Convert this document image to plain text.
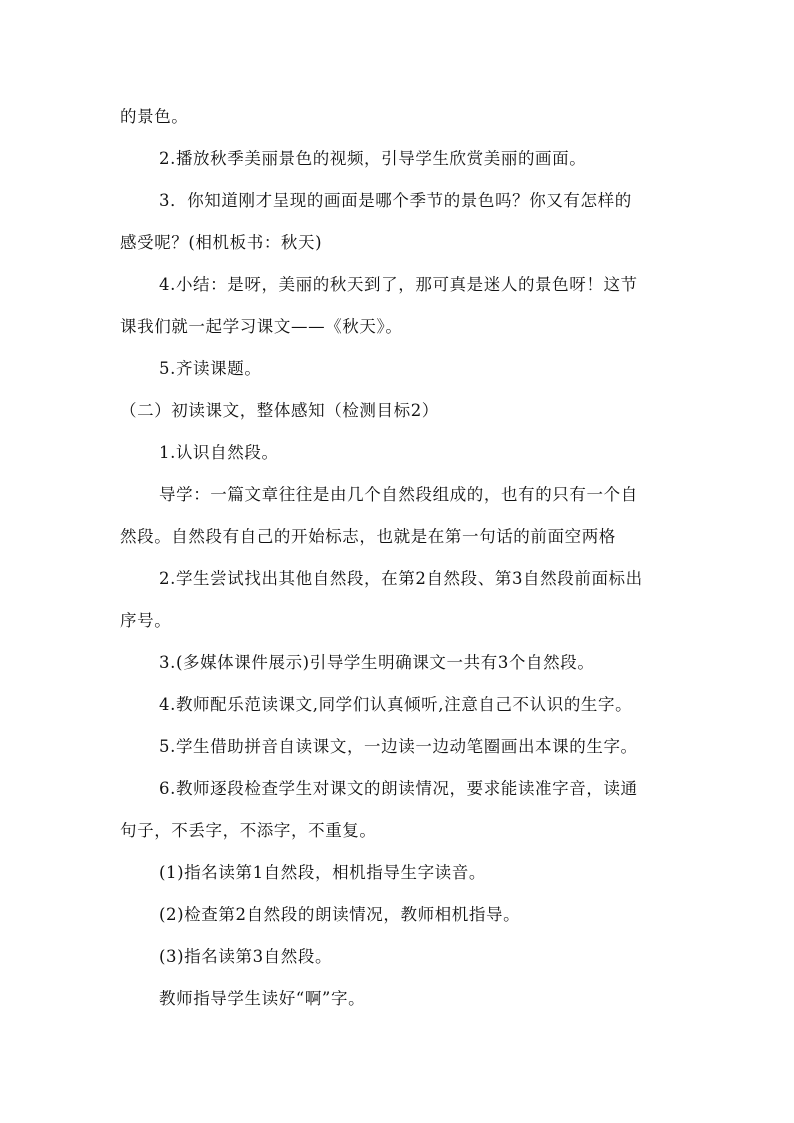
的景色。
2.播放秋季美丽景色的视频，引导学生欣赏美丽的画面。
3．你知道刚才呈现的画面是哪个季节的景色吗？你又有怎样的
感受呢？(相机板书：秋天)
4.小结：是呀，美丽的秋天到了，那可真是迷人的景色呀！这节
课我们就一起学习课文——《秋天》。
5.齐读课题。
（二）初读课文，整体感知（检测目标2）
1.认识自然段。
导学：一篇文章往往是由几个自然段组成的，也有的只有一个自
然段。自然段有自己的开始标志，也就是在第一句话的前面空两格
2.学生尝试找出其他自然段，在第2自然段、第3自然段前面标出
序号。
3.(多媒体课件展示)引导学生明确课文一共有3个自然段。
4.教师配乐范读课文,同学们认真倾听,注意自己不认识的生字。
5.学生借助拼音自读课文，一边读一边动笔圈画出本课的生字。
6.教师逐段检查学生对课文的朗读情况，要求能读准字音，读通
句子，不丢字，不添字，不重复。
(1)指名读第1自然段，相机指导生字读音。
(2)检查第2自然段的朗读情况，教师相机指导。
(3)指名读第3自然段。
教师指导学生读好“啊”字。
